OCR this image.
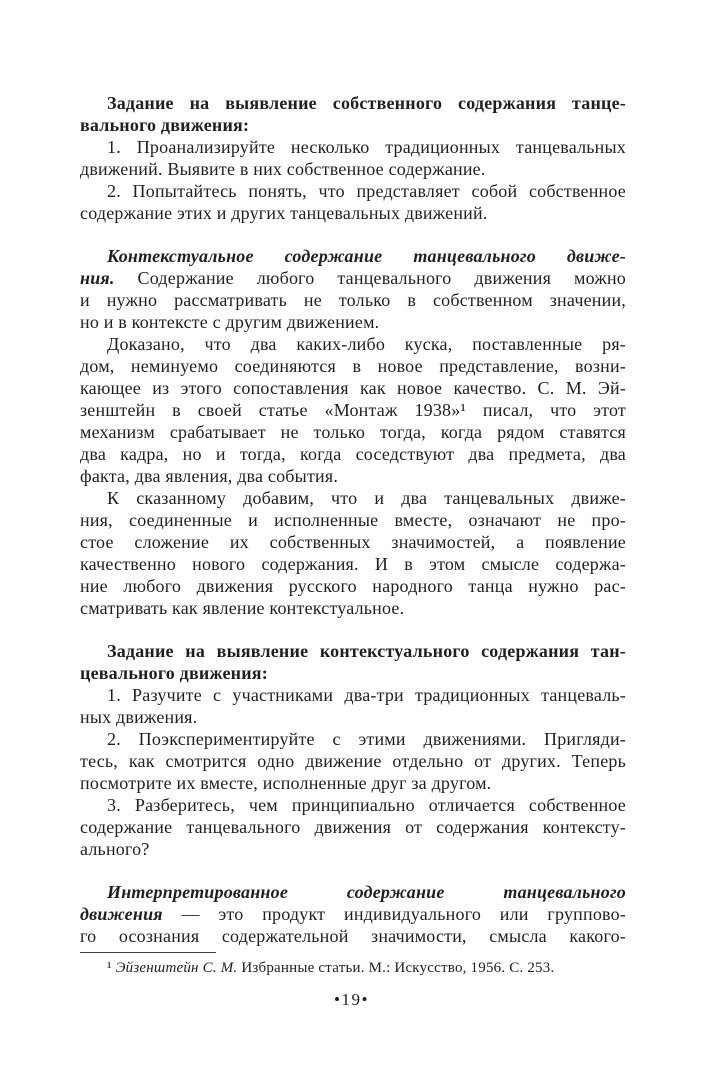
Задание на выявление собственного содержания танце-
вального движения:
1. Проанализируйте несколько традиционных танцевальных
движений. Выявите в них собственное содержание.
2. Попытайтесь понять, что представляет собой собственное
содержание этих и других танцевальных движений.
Контекстуальное содержание танцевального движе-
ния. Содержание любого танцевального движения можно
и нужно рассматривать не только в собственном значении,
но и в контексте с другим движением.
Доказано, что два каких-либо куска, поставленные ря-
дом, неминуемо соединяются в новое представление, возни-
кающее из этого сопоставления как новое качество. С. М. Эй-
зенштейн в своей статье «Монтаж 1938»¹ писал, что этот
механизм срабатывает не только тогда, когда рядом ставятся
два кадра, но и тогда, когда соседствуют два предмета, два
факта, два явления, два события.
К сказанному добавим, что и два танцевальных движе-
ния, соединенные и исполненные вместе, означают не про-
стое сложение их собственных значимостей, а появление
качественно нового содержания. И в этом смысле содержа-
ние любого движения русского народного танца нужно рас-
сматривать как явление контекстуальное.
Задание на выявление контекстуального содержания тан-
цевального движения:
1. Разучите с участниками два-три традиционных танцеваль-
ных движения.
2. Поэкспериментируйте с этими движениями. Пригляди-
тесь, как смотрится одно движение отдельно от других. Теперь
посмотрите их вместе, исполненные друг за другом.
3. Разберитесь, чем принципиально отличается собственное
содержание танцевального движения от содержания контексту-
ального?
Интерпретированное содержание танцевального
движения — это продукт индивидуального или группово-
го осознания содержательной значимости, смысла какого-
¹ Эйзенштейн С. М. Избранные статьи. М.: Искусство, 1956. С. 253.
•19•
